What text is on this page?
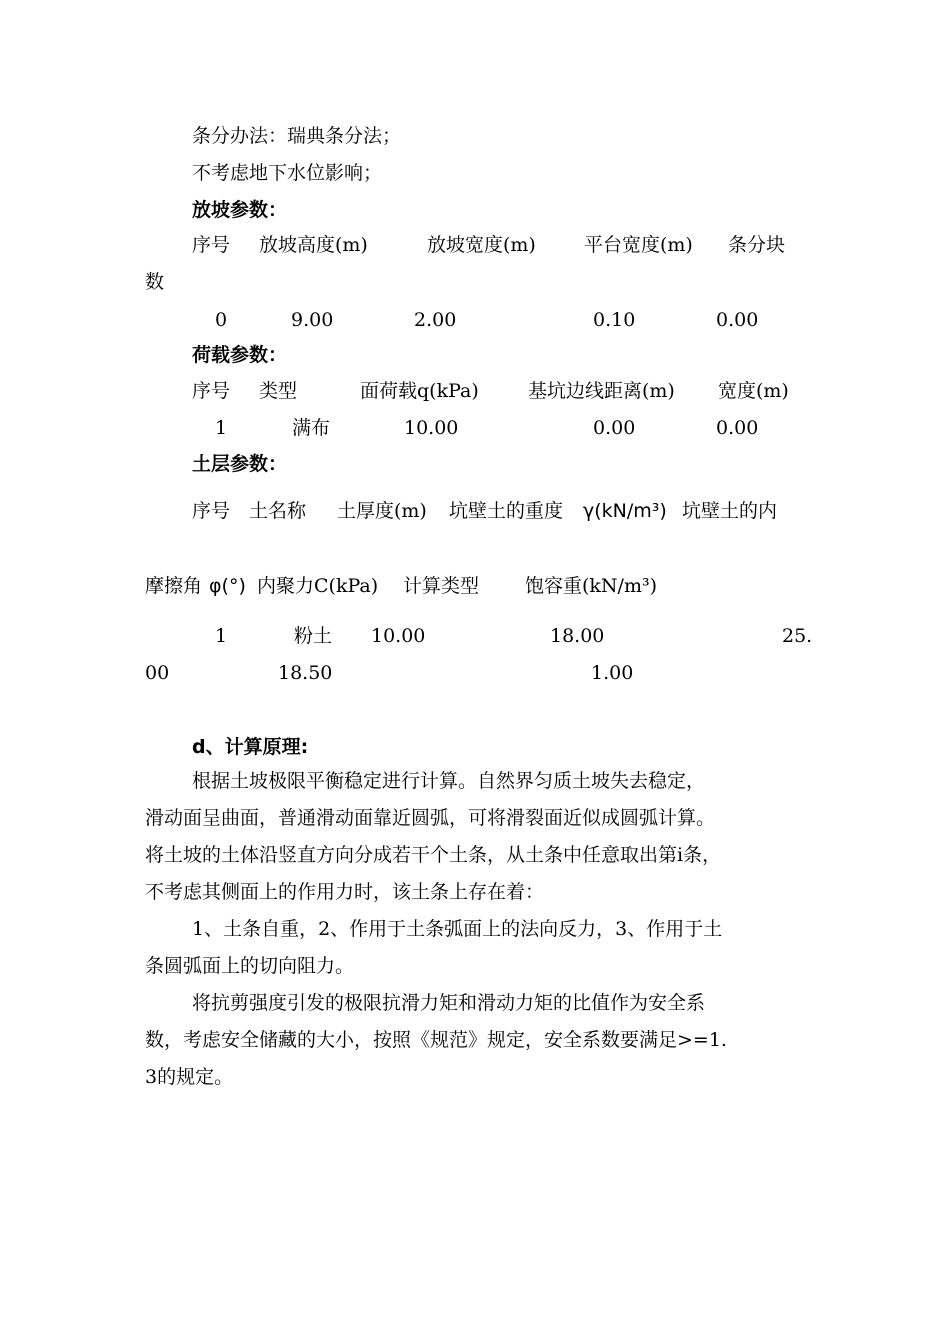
条分办法：瑞典条分法；
不考虑地下水位影响；
放坡参数：
序号 放坡高度(m)	放坡宽度(m)	平台宽度(m) 条分块
数
0	9.00	2.00	0.10	0.00
荷载参数：
序号 类型	面荷载q(kPa)	基坑边线距离(m) 宽度(m)
1	满布	10.00	0.00	0.00
土层参数：
序号 土名称 土厚度(m) 坑壁土的重度 γ(kN/m³) 坑壁土的内
摩擦角 φ(°) 内聚力C(kPa) 计算类型 饱容重(kN/m³)
1	粉土 10.00	18.00	25.
00	18.50	1.00
d、计算原理:
根据土坡极限平衡稳定进行计算。自然界匀质土坡失去稳定，
滑动面呈曲面，普通滑动面靠近圆弧，可将滑裂面近似成圆弧计算。
将土坡的土体沿竖直方向分成若干个土条，从土条中任意取出第i条，
不考虑其侧面上的作用力时，该土条上存在着：
1、土条自重，2、作用于土条弧面上的法向反力，3、作用于土
条圆弧面上的切向阻力。
将抗剪强度引发的极限抗滑力矩和滑动力矩的比值作为安全系
数，考虑安全储藏的大小，按照《规范》规定，安全系数要满足>=1.
3的规定。
